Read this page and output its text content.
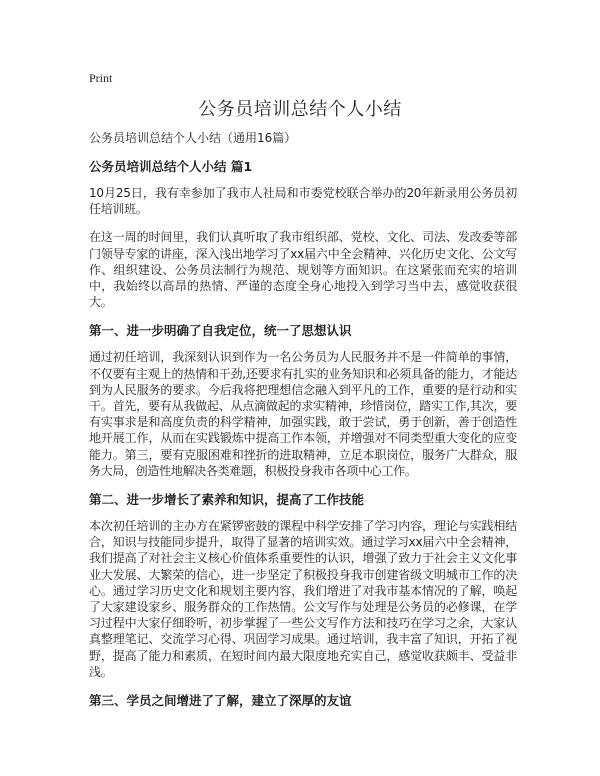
Print
公务员培训总结个人小结

公务员培训总结个人小结（通用16篇）

公务员培训总结个人小结 篇1

10月25日，我有幸参加了我市人社局和市委党校联合举办的20年新录用公务员初任培训班。

在这一周的时间里，我们认真听取了我市组织部、党校、文化、司法、发改委等部门领导专家的讲座，深入浅出地学习了xx届六中全会精神、兴化历史文化、公文写作、组织建设、公务员法制行为规范、规划等方面知识。在这紧张而充实的培训中，我始终以高昂的热情、严谨的态度全身心地投入到学习当中去，感觉收获很大。

第一、进一步明确了自我定位，统一了思想认识

通过初任培训，我深刻认识到作为一名公务员为人民服务并不是一件简单的事情，不仅要有主观上的热情和干劲,还要求有扎实的业务知识和必须具备的能力，才能达到为人民服务的要求。今后我将把理想信念融入到平凡的工作，重要的是行动和实干。首先，要有从我做起、从点滴做起的求实精神，珍惜岗位，踏实工作,其次，要有实事求是和高度负责的科学精神，加强实践，敢于尝试，勇于创新，善于创造性地开展工作，从而在实践锻炼中提高工作本领，并增强对不同类型重大变化的应变能力。第三，要有克服困难和挫折的进取精神，立足本职岗位，服务广大群众，服务大局，创造性地解决各类难题，积极投身我市各项中心工作。

第二、进一步增长了素养和知识，提高了工作技能

本次初任培训的主办方在紧锣密鼓的课程中科学安排了学习内容，理论与实践相结合，知识与技能同步提升，取得了显著的培训实效。通过学习xx届六中全会精神，我们提高了对社会主义核心价值体系重要性的认识，增强了致力于社会主义文化事业大发展、大繁荣的信心，进一步坚定了积极投身我市创建省级文明城市工作的决心。通过学习历史文化和规划主要内容，我们增进了对我市基本情况的了解，唤起了大家建设家乡、服务群众的工作热情。公文写作与处理是公务员的必修课，在学习过程中大家仔细聆听，初步掌握了一些公文写作方法和技巧在学习之余，大家认真整理笔记、交流学习心得、巩固学习成果。通过培训，我丰富了知识，开拓了视野，提高了能力和素质，在短时间内最大限度地充实自己，感觉收获颇丰、受益非浅。

第三、学员之间增进了了解，建立了深厚的友谊
